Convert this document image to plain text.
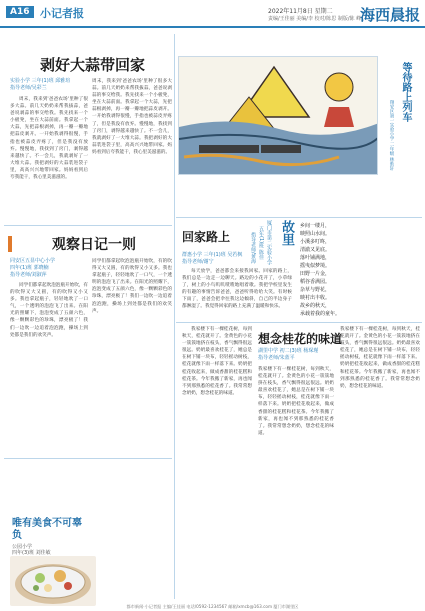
A16 小记者报	2022年11月8日 星期二
责编/王佳丽 美编/李 校对/陈思 制版/陈 峰
海西晨报
剥好大蒜带回家
实验小学 三年(1)班 邱雅瑄
指导老师/吴彩兰
周末，我来到'爸爸农场'里种了很多大蒜。前几天奶奶来帮我拔蒜，爸爸说剥蒜的事交给我。我先找来一个小板凳，坐在大蒜前面。我拿起一个大蒜，先把蒜根剥掉，再一瓣一瓣地把蒜皮剥开。一开始我剥得很慢，手指也被蒜皮弄疼了，但是我没有放弃。慢慢地，我找到了窍门，剥得越来越快了。不一会儿，我就剥好了一大堆大蒜。我把剥好的大蒜装进袋子里，高高兴兴地带回家。妈妈看到后夸我能干，我心里美滋滋的。
周末，我来到'爸爸农场'里种了很多大蒜。前几天奶奶来帮我拔蒜，爸爸说剥蒜的事交给我。我先找来一个小板凳，坐在大蒜前面。我拿起一个大蒜，先把蒜根剥掉，再一瓣一瓣地把蒜皮剥开。一开始我剥得很慢，手指也被蒜皮弄疼了，但是我没有放弃。慢慢地，我找到了窍门，剥得越来越快了。不一会儿，我就剥好了一大堆大蒜。我把剥好的大蒜装进袋子里，高高兴兴地带回家。妈妈看到后夸我能干，我心里美滋滋的。
观察日记一则
同安区五显中心小学
四年(1)班 郭晓楠
指导老师/刘淑萍
同学们都拿起吹泡泡瓶开始吹，有的吹得又大又圆，有的吹得又小又多。我也拿起瓶子，轻轻地吹了一口气，一个透明的泡泡飞了出来。在阳光的照耀下，泡泡变成了五颜六色，像一颗颗彩色的珍珠，漂亮极了！我们一边吹一边追着泡泡跑，操场上到处都是我们的欢笑声。
同学们都拿起吹泡泡瓶开始吹，有的吹得又大又圆，有的吹得又小又多。我也拿起瓶子，轻轻地吹了一口气，一个透明的泡泡飞了出来。在阳光的照耀下，泡泡变成了五颜六色，像一颗颗彩色的珍珠，漂亮极了！我们一边吹一边追着泡泡跑，操场上到处都是我们的欢笑声。
唯有美食不可辜负
公园小学
四年(3)班 刘佳敏
等待路上列车
翔安区第一实验小学 二年级 林紫轩
回家路上
群惠小学 三年(1)班 吴若枫
指导老师/谢宁
每天放学，爸爸都会来接我回家。回家的路上，我们总是一边走一边聊天。路边的小花开了，小草绿了，树上的小鸟叽叽喳喳地唱着歌。我把学校里发生的有趣的事情告诉爸爸，爸爸听得哈哈大笑。有时候下雨了，爸爸会把伞往我这边倾斜，自己的半边身子都淋湿了。我觉得回家的路上充满了温暖和快乐。
故里
厦门市第二实验小学
五年(1)班 陈佳
指导老师/黄海
乡间一缕月，
映照山水间。
小溪多叮咚，
清澈又见底。
落叶铺满地，
摇曳似梦境。
田野一片金，
稻谷香满园。
杂草与野花，
映衬出丰收。
故乡的秋天，
承载着我的童年。
想念桂花的味道
湖里中学 初二(3)班 杨琛瑾
指导老师/朱蓝平
我家楼下有一棵桂花树，每到秋天，桂花就开了。金黄色的小花一簇簇地挤在枝头，香气飘得很远很远。奶奶最喜欢桂花了，她总是在树下铺一块布，轻轻摇动树枝，桂花就像下雨一样落下来。奶奶把桂花收起来，做成香甜的桂花糕和桂花茶。今年我搬了新家，再也闻不到那熟悉的桂花香了。我常常想念奶奶，想念桂花的味道。
我家楼下有一棵桂花树，每到秋天，桂花就开了。金黄色的小花一簇簇地挤在枝头，香气飘得很远很远。奶奶最喜欢桂花了，她总是在树下铺一块布，轻轻摇动树枝，桂花就像下雨一样落下来。奶奶把桂花收起来，做成香甜的桂花糕和桂花茶。今年我搬了新家，再也闻不到那熟悉的桂花香了。我常常想念奶奶，想念桂花的味道。
我家楼下有一棵桂花树，每到秋天，桂花就开了。金黄色的小花一簇簇地挤在枝头，香气飘得很远很远。奶奶最喜欢桂花了，她总是在树下铺一块布，轻轻摇动树枝，桂花就像下雨一样落下来。奶奶把桂花收起来，做成香甜的桂花糕和桂花茶。今年我搬了新家，再也闻不到那熟悉的桂花香了。我常常想念奶奶，想念桂花的味道。
都市新闻·小记者报 主编/王佳丽 电话/0592-1234567 邮箱/xmcb@163.com 厦门市湖里区
